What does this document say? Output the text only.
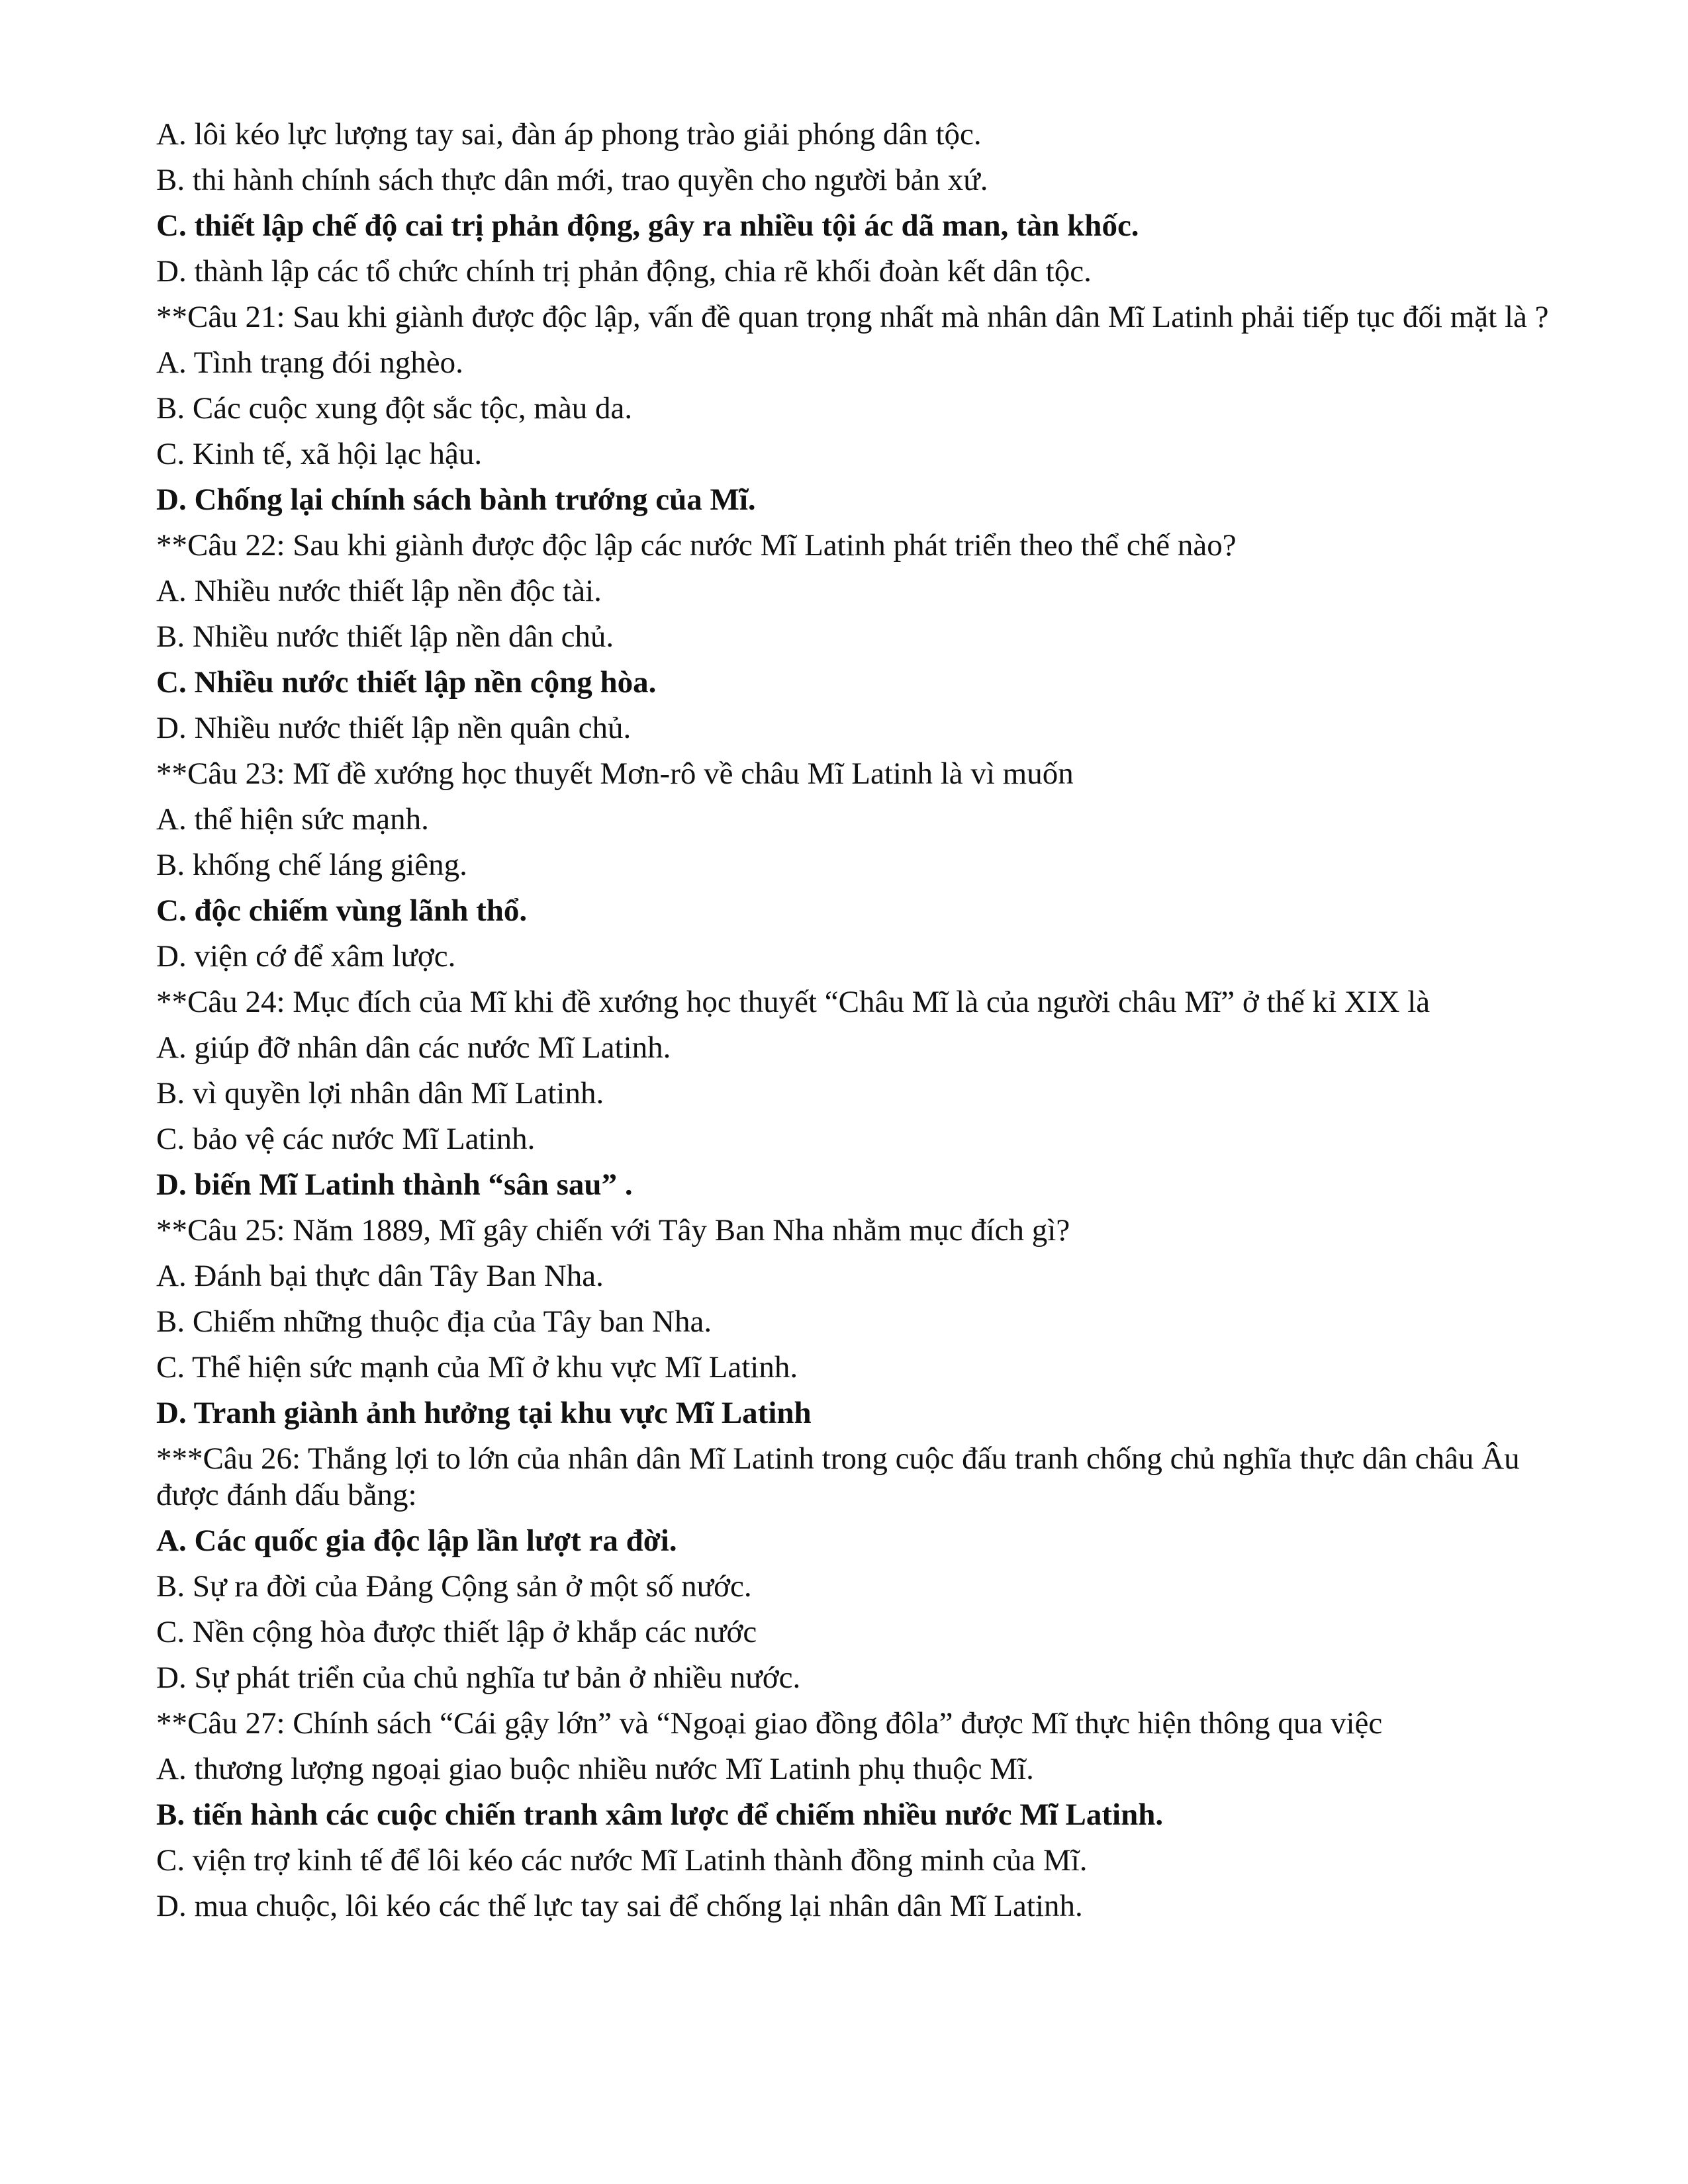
A. lôi kéo lực lượng tay sai, đàn áp phong trào giải phóng dân tộc.
B. thi hành chính sách thực dân mới, trao quyền cho người bản xứ.
C. thiết lập chế độ cai trị phản động, gây ra nhiều tội ác dã man, tàn khốc.
D. thành lập các tổ chức chính trị phản động, chia rẽ khối đoàn kết dân tộc.
**Câu 21: Sau khi giành được độc lập, vấn đề quan trọng nhất mà nhân dân Mĩ Latinh phải tiếp tục đối mặt là ?
A. Tình trạng đói nghèo.
B. Các cuộc xung đột sắc tộc, màu da.
C. Kinh tế, xã hội lạc hậu.
D. Chống lại chính sách bành trướng của Mĩ.
**Câu 22: Sau khi giành được độc lập các nước Mĩ Latinh phát triển theo thể chế nào?
A. Nhiều nước thiết lập nền độc tài.
B. Nhiều nước thiết lập nền dân chủ.
C. Nhiều nước thiết lập nền cộng hòa.
D. Nhiều nước thiết lập nền quân chủ.
**Câu 23: Mĩ đề xướng học thuyết Mơn-rô về châu Mĩ Latinh là vì muốn
A. thể hiện sức mạnh.
B. khống chế láng giêng.
C. độc chiếm vùng lãnh thổ.
D. viện cớ để xâm lược.
**Câu 24: Mục đích của Mĩ khi đề xướng học thuyết “Châu Mĩ là của người châu Mĩ” ở thế kỉ XIX là
A. giúp đỡ nhân dân các nước Mĩ Latinh.
B. vì quyền lợi nhân dân Mĩ Latinh.
C. bảo vệ các nước Mĩ Latinh.
D. biến Mĩ Latinh thành “sân sau” .
**Câu 25: Năm 1889, Mĩ gây chiến với Tây Ban Nha nhằm mục đích gì?
A. Đánh bại thực dân Tây Ban Nha.
B. Chiếm những thuộc địa của Tây ban Nha.
C. Thể hiện sức mạnh của Mĩ ở khu vực Mĩ Latinh.
D. Tranh giành ảnh hưởng tại khu vực Mĩ Latinh
***Câu 26: Thắng lợi to lớn của nhân dân Mĩ Latinh trong cuộc đấu tranh chống chủ nghĩa thực dân châu Âu được đánh dấu bằng:
A. Các quốc gia độc lập lần lượt ra đời.
B. Sự ra đời của Đảng Cộng sản ở một số nước.
C. Nền cộng hòa được thiết lập ở khắp các nước
D. Sự phát triển của chủ nghĩa tư bản ở nhiều nước.
**Câu 27: Chính sách “Cái gậy lớn” và “Ngoại giao đồng đôla” được Mĩ thực hiện thông qua việc
A. thương lượng ngoại giao buộc nhiều nước Mĩ Latinh phụ thuộc Mĩ.
B. tiến hành các cuộc chiến tranh xâm lược để chiếm nhiều nước Mĩ Latinh.
C. viện trợ kinh tế để lôi kéo các nước Mĩ Latinh thành đồng minh của Mĩ.
D. mua chuộc, lôi kéo các thế lực tay sai để chống lại nhân dân Mĩ Latinh.
